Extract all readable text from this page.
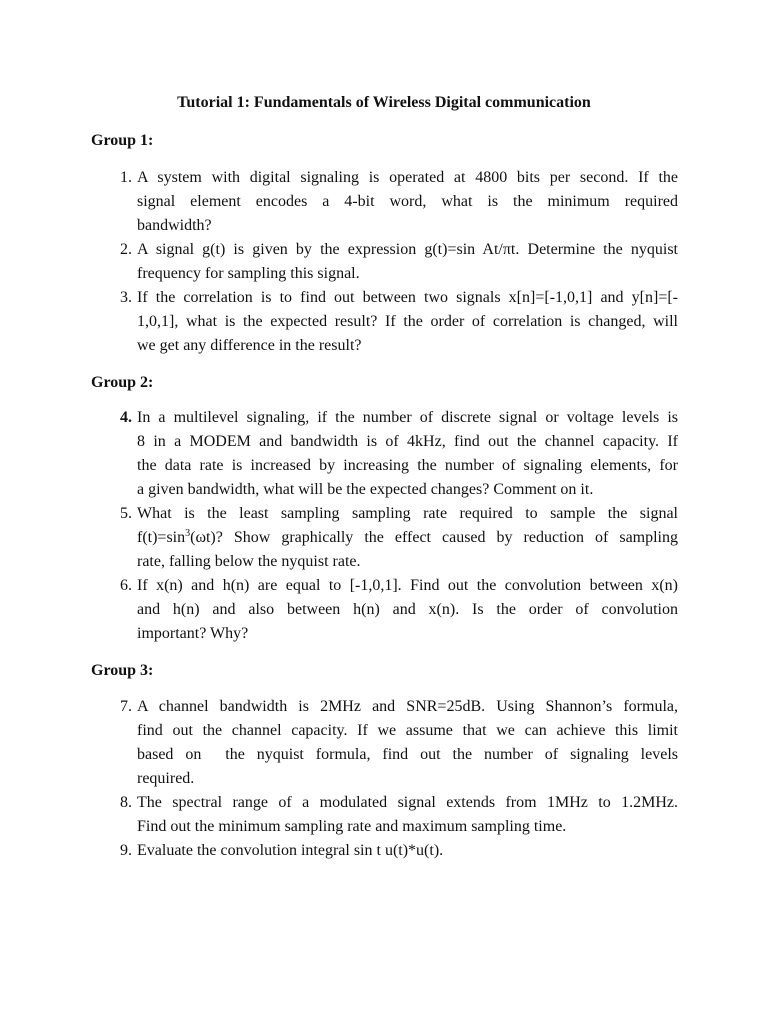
Tutorial 1: Fundamentals of Wireless Digital communication
Group 1:
1. A system with digital signaling is operated at 4800 bits per second. If the
signal element encodes a 4-bit word, what is the minimum required
bandwidth?
2. A signal g(t) is given by the expression g(t)=sin At/πt. Determine the nyquist
frequency for sampling this signal.
3. If the correlation is to find out between two signals x[n]=[-1,0,1] and y[n]=[-
1,0,1], what is the expected result? If the order of correlation is changed, will
we get any difference in the result?
Group 2:
4. In a multilevel signaling, if the number of discrete signal or voltage levels is
8 in a MODEM and bandwidth is of 4kHz, find out the channel capacity. If
the data rate is increased by increasing the number of signaling elements, for
a given bandwidth, what will be the expected changes? Comment on it.
5. What is the least sampling sampling rate required to sample the signal
$f(t)=\sin^3(\omega t)$? Show graphically the effect caused by reduction of sampling
rate, falling below the nyquist rate.
6. If x(n) and h(n) are equal to [-1,0,1]. Find out the convolution between x(n)
and h(n) and also between h(n) and x(n). Is the order of convolution
important? Why?
Group 3:
7. A channel bandwidth is 2MHz and SNR=25dB. Using Shannon’s formula,
find out the channel capacity. If we assume that we can achieve this limit
based on  the nyquist formula, find out the number of signaling levels
required.
8. The spectral range of a modulated signal extends from 1MHz to 1.2MHz.
Find out the minimum sampling rate and maximum sampling time.
9. Evaluate the convolution integral sin t u(t)*u(t).
